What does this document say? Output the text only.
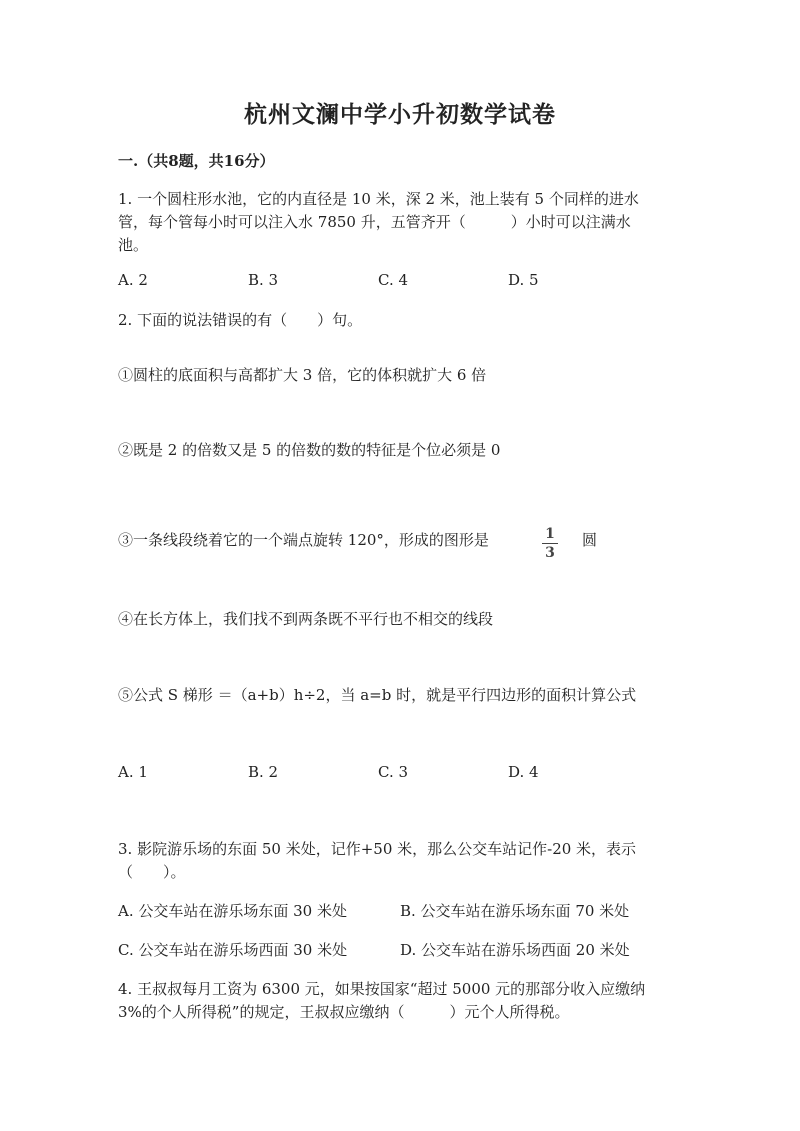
杭州文澜中学小升初数学试卷
一.（共8题，共16分）
1. 一个圆柱形水池，它的内直径是 10 米，深 2 米，池上装有 5 个同样的进水
管，每个管每小时可以注入水 7850 升，五管齐开（　　　）小时可以注满水
池。
A. 2	B. 3	C. 4	D. 5
2. 下面的说法错误的有（　　）句。
①圆柱的底面积与高都扩大 3 倍，它的体积就扩大 6 倍
②既是 2 的倍数又是 5 的倍数的数的特征是个位必须是 0
③一条线段绕着它的一个端点旋转 120°，形成的图形是	1
3
圆
④在长方体上，我们找不到两条既不平行也不相交的线段
⑤公式 S 梯形 ＝（a+b）h÷2，当 a=b 时，就是平行四边形的面积计算公式
A. 1	B. 2	C. 3	D. 4
3. 影院游乐场的东面 50 米处，记作+50 米，那么公交车站记作-20 米，表示
（　　）。
A. 公交车站在游乐场东面 30 米处	B. 公交车站在游乐场东面 70 米处
C. 公交车站在游乐场西面 30 米处	D. 公交车站在游乐场西面 20 米处
4. 王叔叔每月工资为 6300 元，如果按国家“超过 5000 元的那部分收入应缴纳
3%的个人所得税”的规定，王叔叔应缴纳（　　　）元个人所得税。
